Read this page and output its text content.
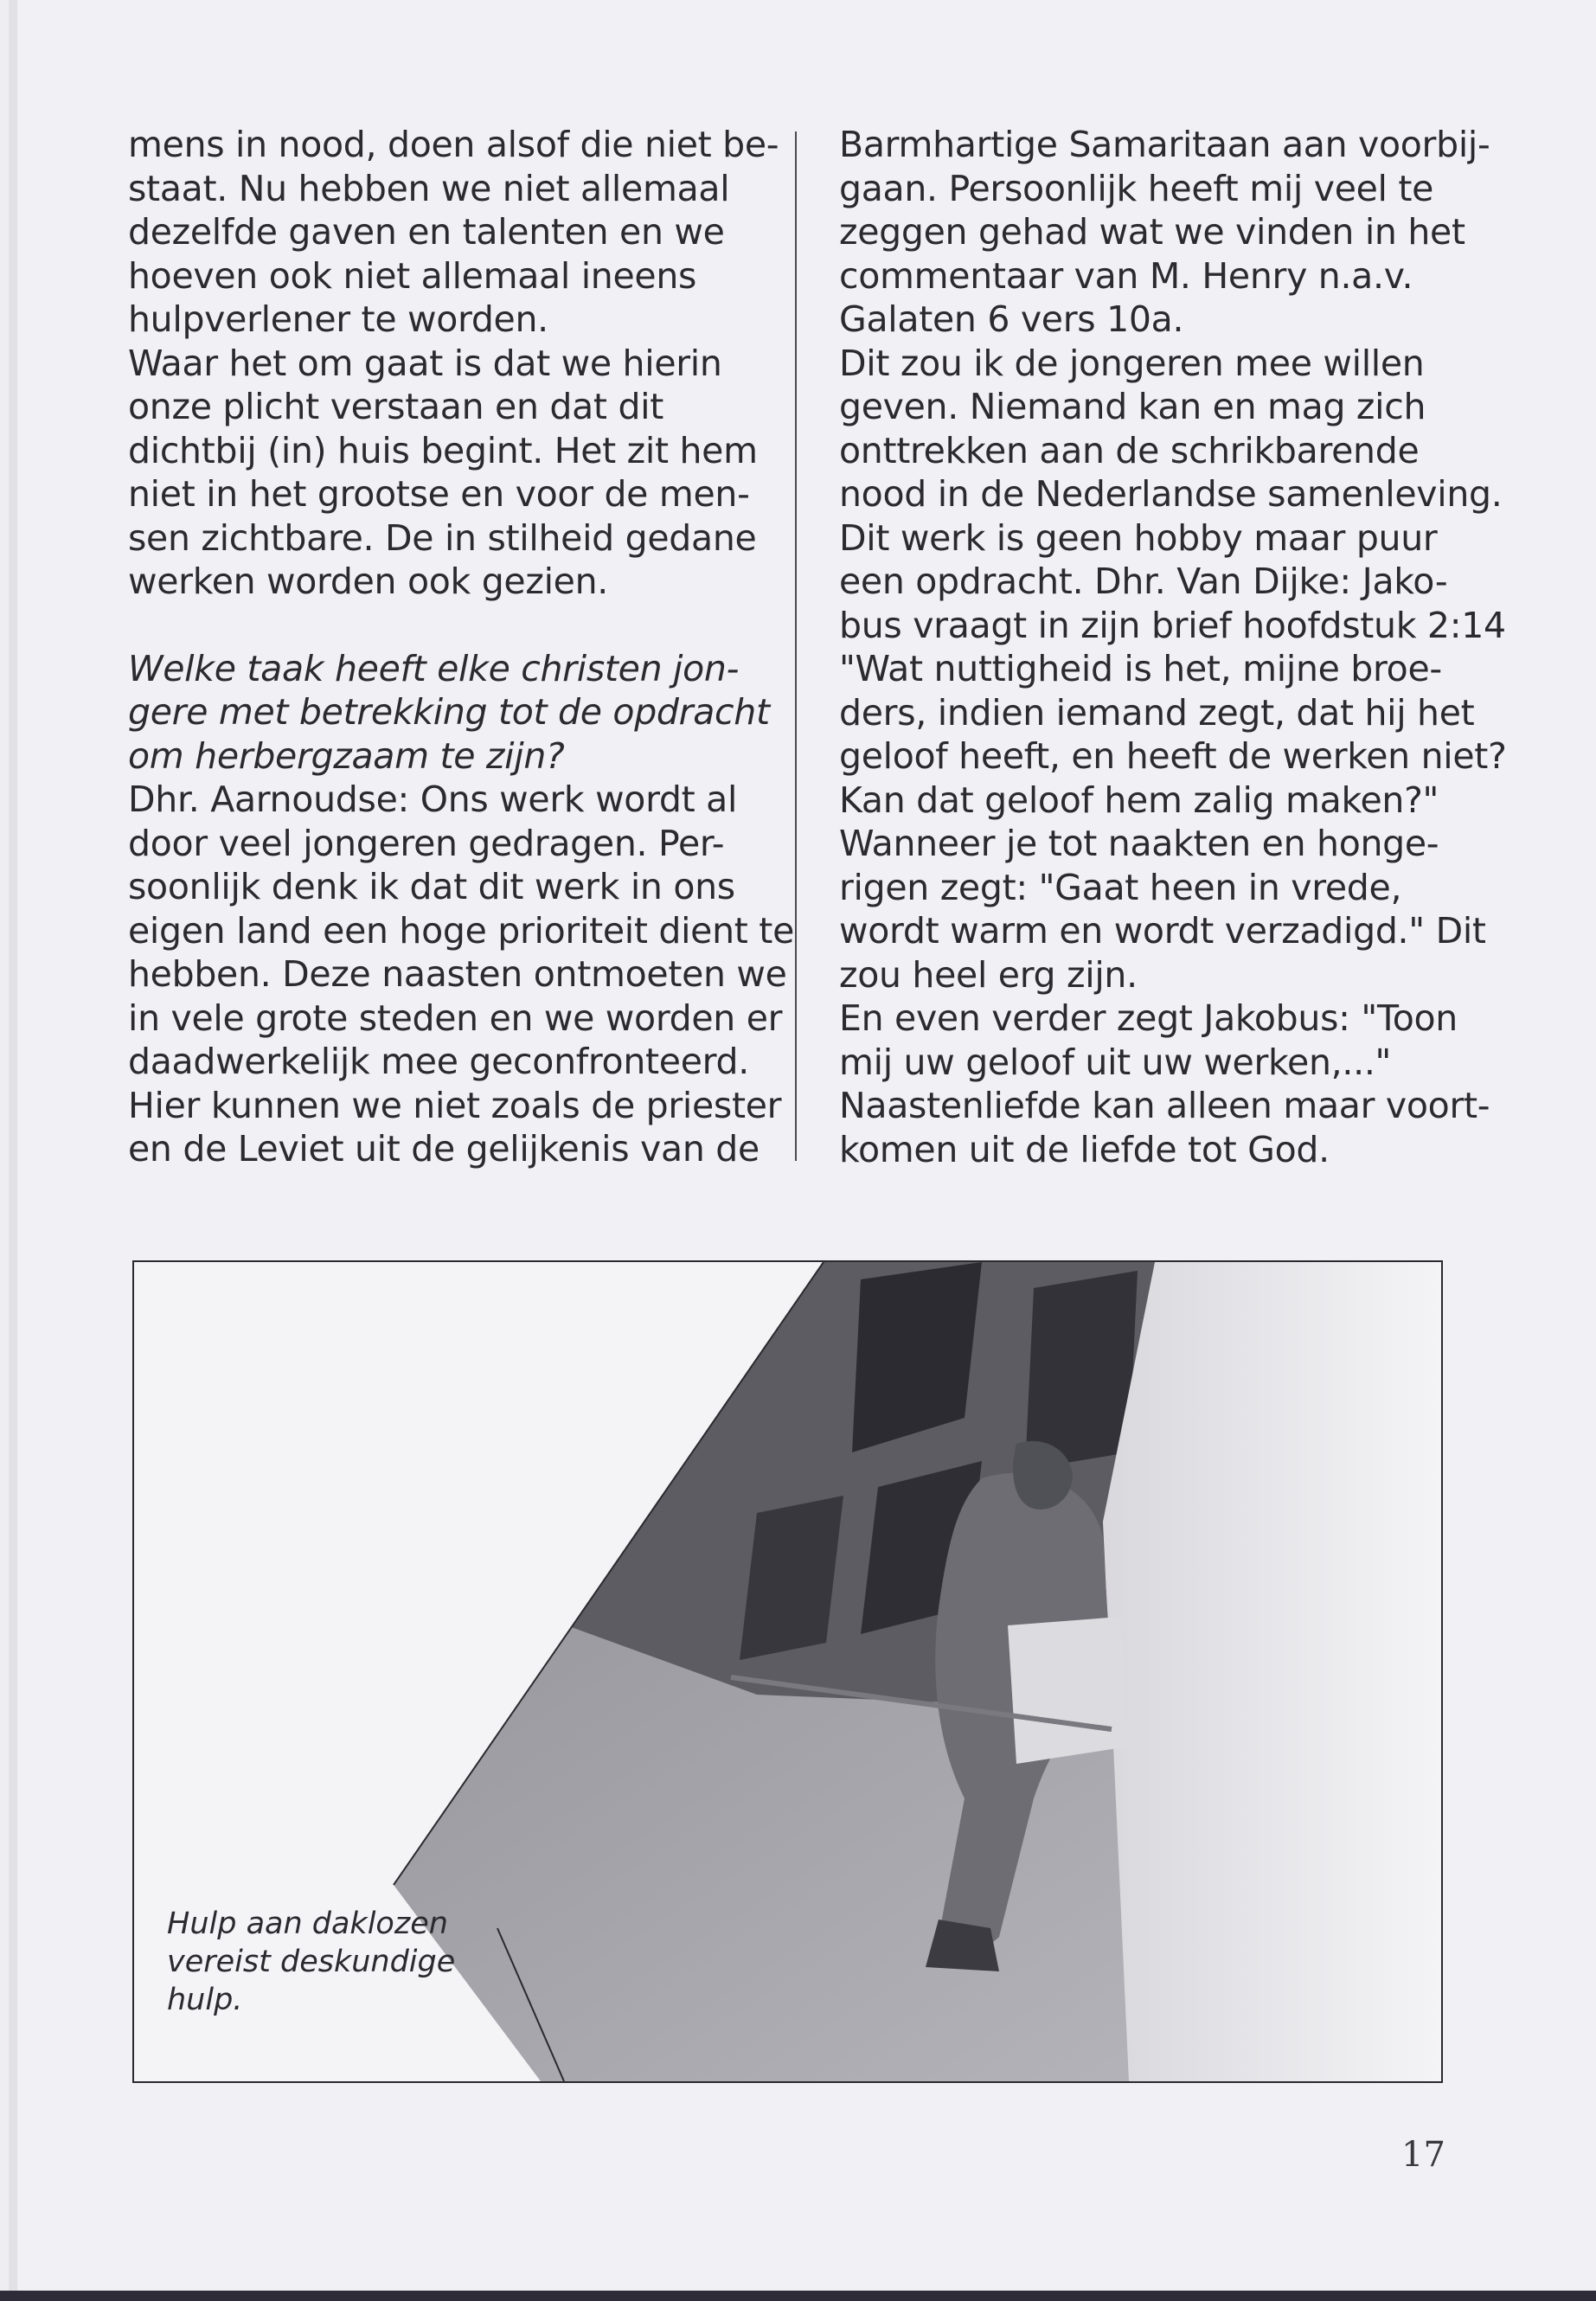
mens in nood, doen alsof die niet be-
staat. Nu hebben we niet allemaal
dezelfde gaven en talenten en we
hoeven ook niet allemaal ineens
hulpverlener te worden.
Waar het om gaat is dat we hierin
onze plicht verstaan en dat dit
dichtbij (in) huis begint. Het zit hem
niet in het grootse en voor de men-
sen zichtbare. De in stilheid gedane
werken worden ook gezien.
Welke taak heeft elke christen jon-
gere met betrekking tot de opdracht
om herbergzaam te zijn?
Dhr. Aarnoudse: Ons werk wordt al
door veel jongeren gedragen. Per-
soonlijk denk ik dat dit werk in ons
eigen land een hoge prioriteit dient te
hebben. Deze naasten ontmoeten we
in vele grote steden en we worden er
daadwerkelijk mee geconfronteerd.
Hier kunnen we niet zoals de priester
en de Leviet uit de gelijkenis van de
Barmhartige Samaritaan aan voorbij-
gaan. Persoonlijk heeft mij veel te
zeggen gehad wat we vinden in het
commentaar van M. Henry n.a.v.
Galaten 6 vers 10a.
Dit zou ik de jongeren mee willen
geven. Niemand kan en mag zich
onttrekken aan de schrikbarende
nood in de Nederlandse samenleving.
Dit werk is geen hobby maar puur
een opdracht. Dhr. Van Dijke: Jako-
bus vraagt in zijn brief hoofdstuk 2:14
"Wat nuttigheid is het, mijne broe-
ders, indien iemand zegt, dat hij het
geloof heeft, en heeft de werken niet?
Kan dat geloof hem zalig maken?"
Wanneer je tot naakten en honge-
rigen zegt: "Gaat heen in vrede,
wordt warm en wordt verzadigd." Dit
zou heel erg zijn.
En even verder zegt Jakobus: "Toon
mij uw geloof uit uw werken,..."
Naastenliefde kan alleen maar voort-
komen uit de liefde tot God.
Hulp aan daklozen
vereist deskundige
hulp.
17
